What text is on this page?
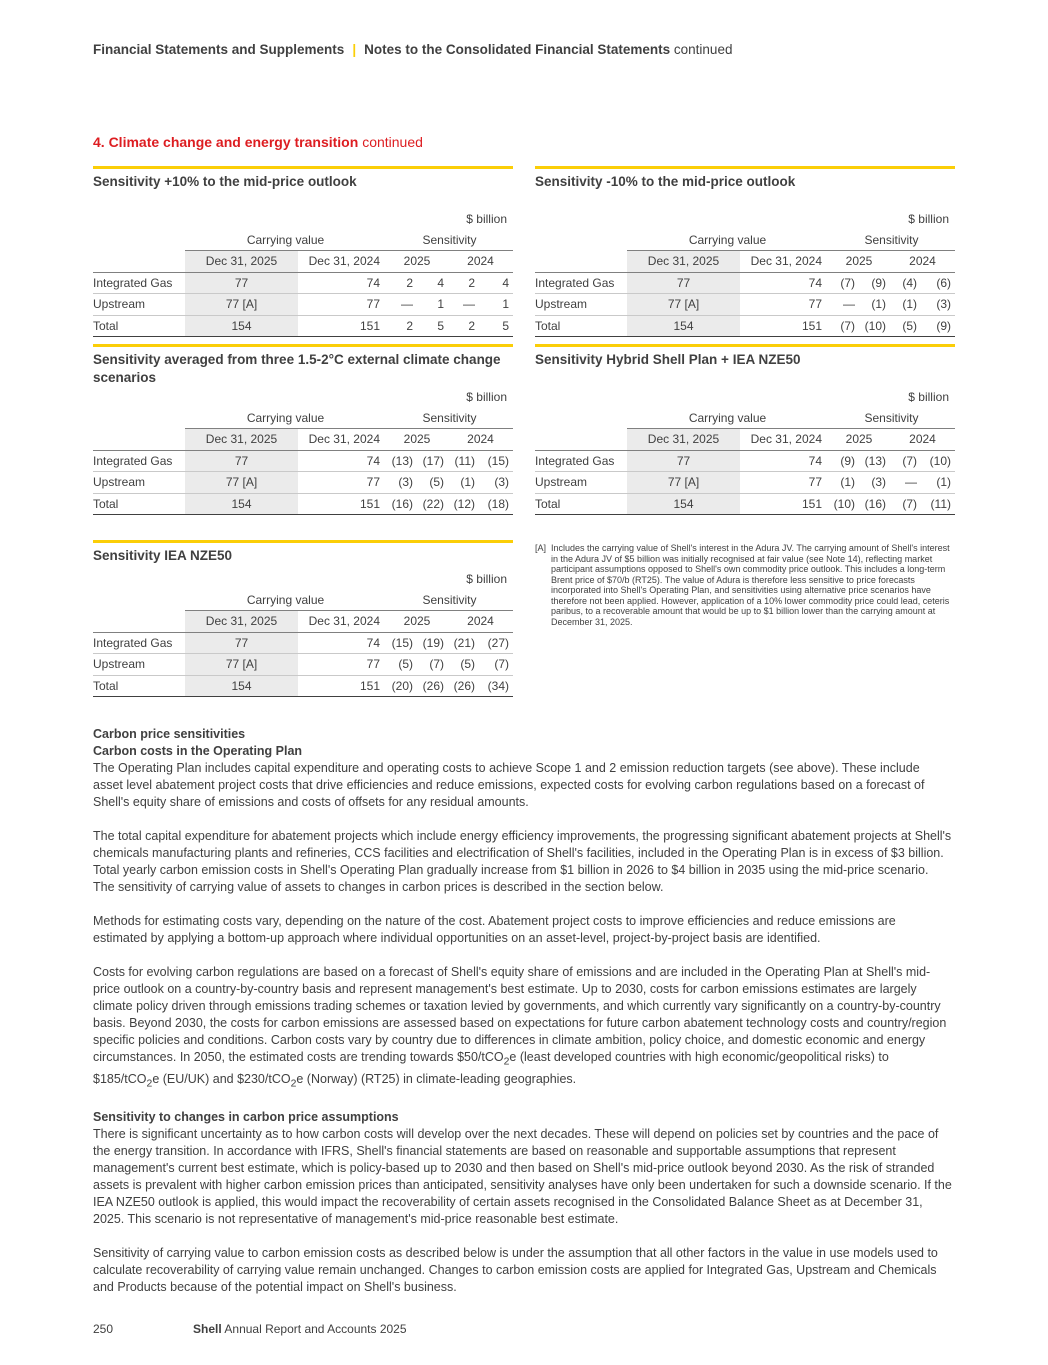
Financial Statements and Supplements | Notes to the Consolidated Financial Statements continued
4. Climate change and energy transition continued
Sensitivity +10% to the mid-price outlook
$ billion						
	Carrying value		Sensitivity			
	Dec 31, 2025	Dec 31, 2024	2025		2024	
Integrated Gas	77	74	2	4	2	4
Upstream	77 [A]	77	—	1	—	1
Total	154	151	2	5	2	5
Sensitivity -10% to the mid-price outlook
$ billion						
	Carrying value		Sensitivity			
	Dec 31, 2025	Dec 31, 2024	2025		2024	
Integrated Gas	77	74	(7)	(9)	(4)	(6)
Upstream	77 [A]	77	—	(1)	(1)	(3)
Total	154	151	(7)	(10)	(5)	(9)
Sensitivity averaged from three 1.5-2°C external climate change scenarios
$ billion						
	Carrying value		Sensitivity			
	Dec 31, 2025	Dec 31, 2024	2025		2024	
Integrated Gas	77	74	(13)	(17)	(11)	(15)
Upstream	77 [A]	77	(3)	(5)	(1)	(3)
Total	154	151	(16)	(22)	(12)	(18)
Sensitivity Hybrid Shell Plan + IEA NZE50
$ billion						
	Carrying value		Sensitivity			
	Dec 31, 2025	Dec 31, 2024	2025		2024	
Integrated Gas	77	74	(9)	(13)	(7)	(10)
Upstream	77 [A]	77	(1)	(3)	—	(1)
Total	154	151	(10)	(16)	(7)	(11)
Sensitivity IEA NZE50
$ billion						
	Carrying value		Sensitivity			
	Dec 31, 2025	Dec 31, 2024	2025		2024	
Integrated Gas	77	74	(15)	(19)	(21)	(27)
Upstream	77 [A]	77	(5)	(7)	(5)	(7)
Total	154	151	(20)	(26)	(26)	(34)
[A] Includes the carrying value of Shell's interest in the Adura JV. The carrying amount of Shell's interest in the Adura JV of $5 billion was initially recognised at fair value (see Note 14), reflecting market participant assumptions opposed to Shell's own commodity price outlook. This includes a long-term Brent price of $70/b (RT25). The value of Adura is therefore less sensitive to price forecasts incorporated into Shell's Operating Plan, and sensitivities using alternative price scenarios have therefore not been applied. However, application of a 10% lower commodity price could lead, ceteris paribus, to a recoverable amount that would be up to $1 billion lower than the carrying amount at December 31, 2025.
Carbon price sensitivities
Carbon costs in the Operating Plan

The Operating Plan includes capital expenditure and operating costs to achieve Scope 1 and 2 emission reduction targets (see above). These include asset level abatement project costs that drive efficiencies and reduce emissions, expected costs for evolving carbon regulations based on a forecast of Shell's equity share of emissions and costs of offsets for any residual amounts.

The total capital expenditure for abatement projects which include energy efficiency improvements, the progressing significant abatement projects at Shell's chemicals manufacturing plants and refineries, CCS facilities and electrification of Shell's facilities, included in the Operating Plan is in excess of $3 billion. Total yearly carbon emission costs in Shell's Operating Plan gradually increase from $1 billion in 2026 to $4 billion in 2035 using the mid-price scenario. The sensitivity of carrying value of assets to changes in carbon prices is described in the section below.

Methods for estimating costs vary, depending on the nature of the cost. Abatement project costs to improve efficiencies and reduce emissions are estimated by applying a bottom-up approach where individual opportunities on an asset-level, project-by-project basis are identified.

Costs for evolving carbon regulations are based on a forecast of Shell's equity share of emissions and are included in the Operating Plan at Shell's mid-price outlook on a country-by-country basis and represent management's best estimate. Up to 2030, costs for carbon emissions estimates are largely climate policy driven through emissions trading schemes or taxation levied by governments, and which currently vary significantly on a country-by-country basis. Beyond 2030, the costs for carbon emissions are assessed based on expectations for future carbon abatement technology costs and country/region specific policies and conditions. Carbon costs vary by country due to differences in climate ambition, policy choice, and domestic economic and energy circumstances. In 2050, the estimated costs are trending towards $50/tCO$_2$e (least developed countries with high economic/geopolitical risks) to $185/tCO$_2$e (EU/UK) and $230/tCO$_2$e (Norway) (RT25) in climate-leading geographies.

Sensitivity to changes in carbon price assumptions

There is significant uncertainty as to how carbon costs will develop over the next decades. These will depend on policies set by countries and the pace of the energy transition. In accordance with IFRS, Shell's financial statements are based on reasonable and supportable assumptions that represent management's current best estimate, which is policy-based up to 2030 and then based on Shell's mid-price outlook beyond 2030. As the risk of stranded assets is prevalent with higher carbon emission prices than anticipated, sensitivity analyses have only been undertaken for such a downside scenario. If the IEA NZE50 outlook is applied, this would impact the recoverability of certain assets recognised in the Consolidated Balance Sheet as at December 31, 2025. This scenario is not representative of management's mid-price reasonable best estimate.

Sensitivity of carrying value to carbon emission costs as described below is under the assumption that all other factors in the value in use models used to calculate recoverability of carrying value remain unchanged. Changes to carbon emission costs are applied for Integrated Gas, Upstream and Chemicals and Products because of the potential impact on Shell's business.

250	Shell Annual Report and Accounts 2025
